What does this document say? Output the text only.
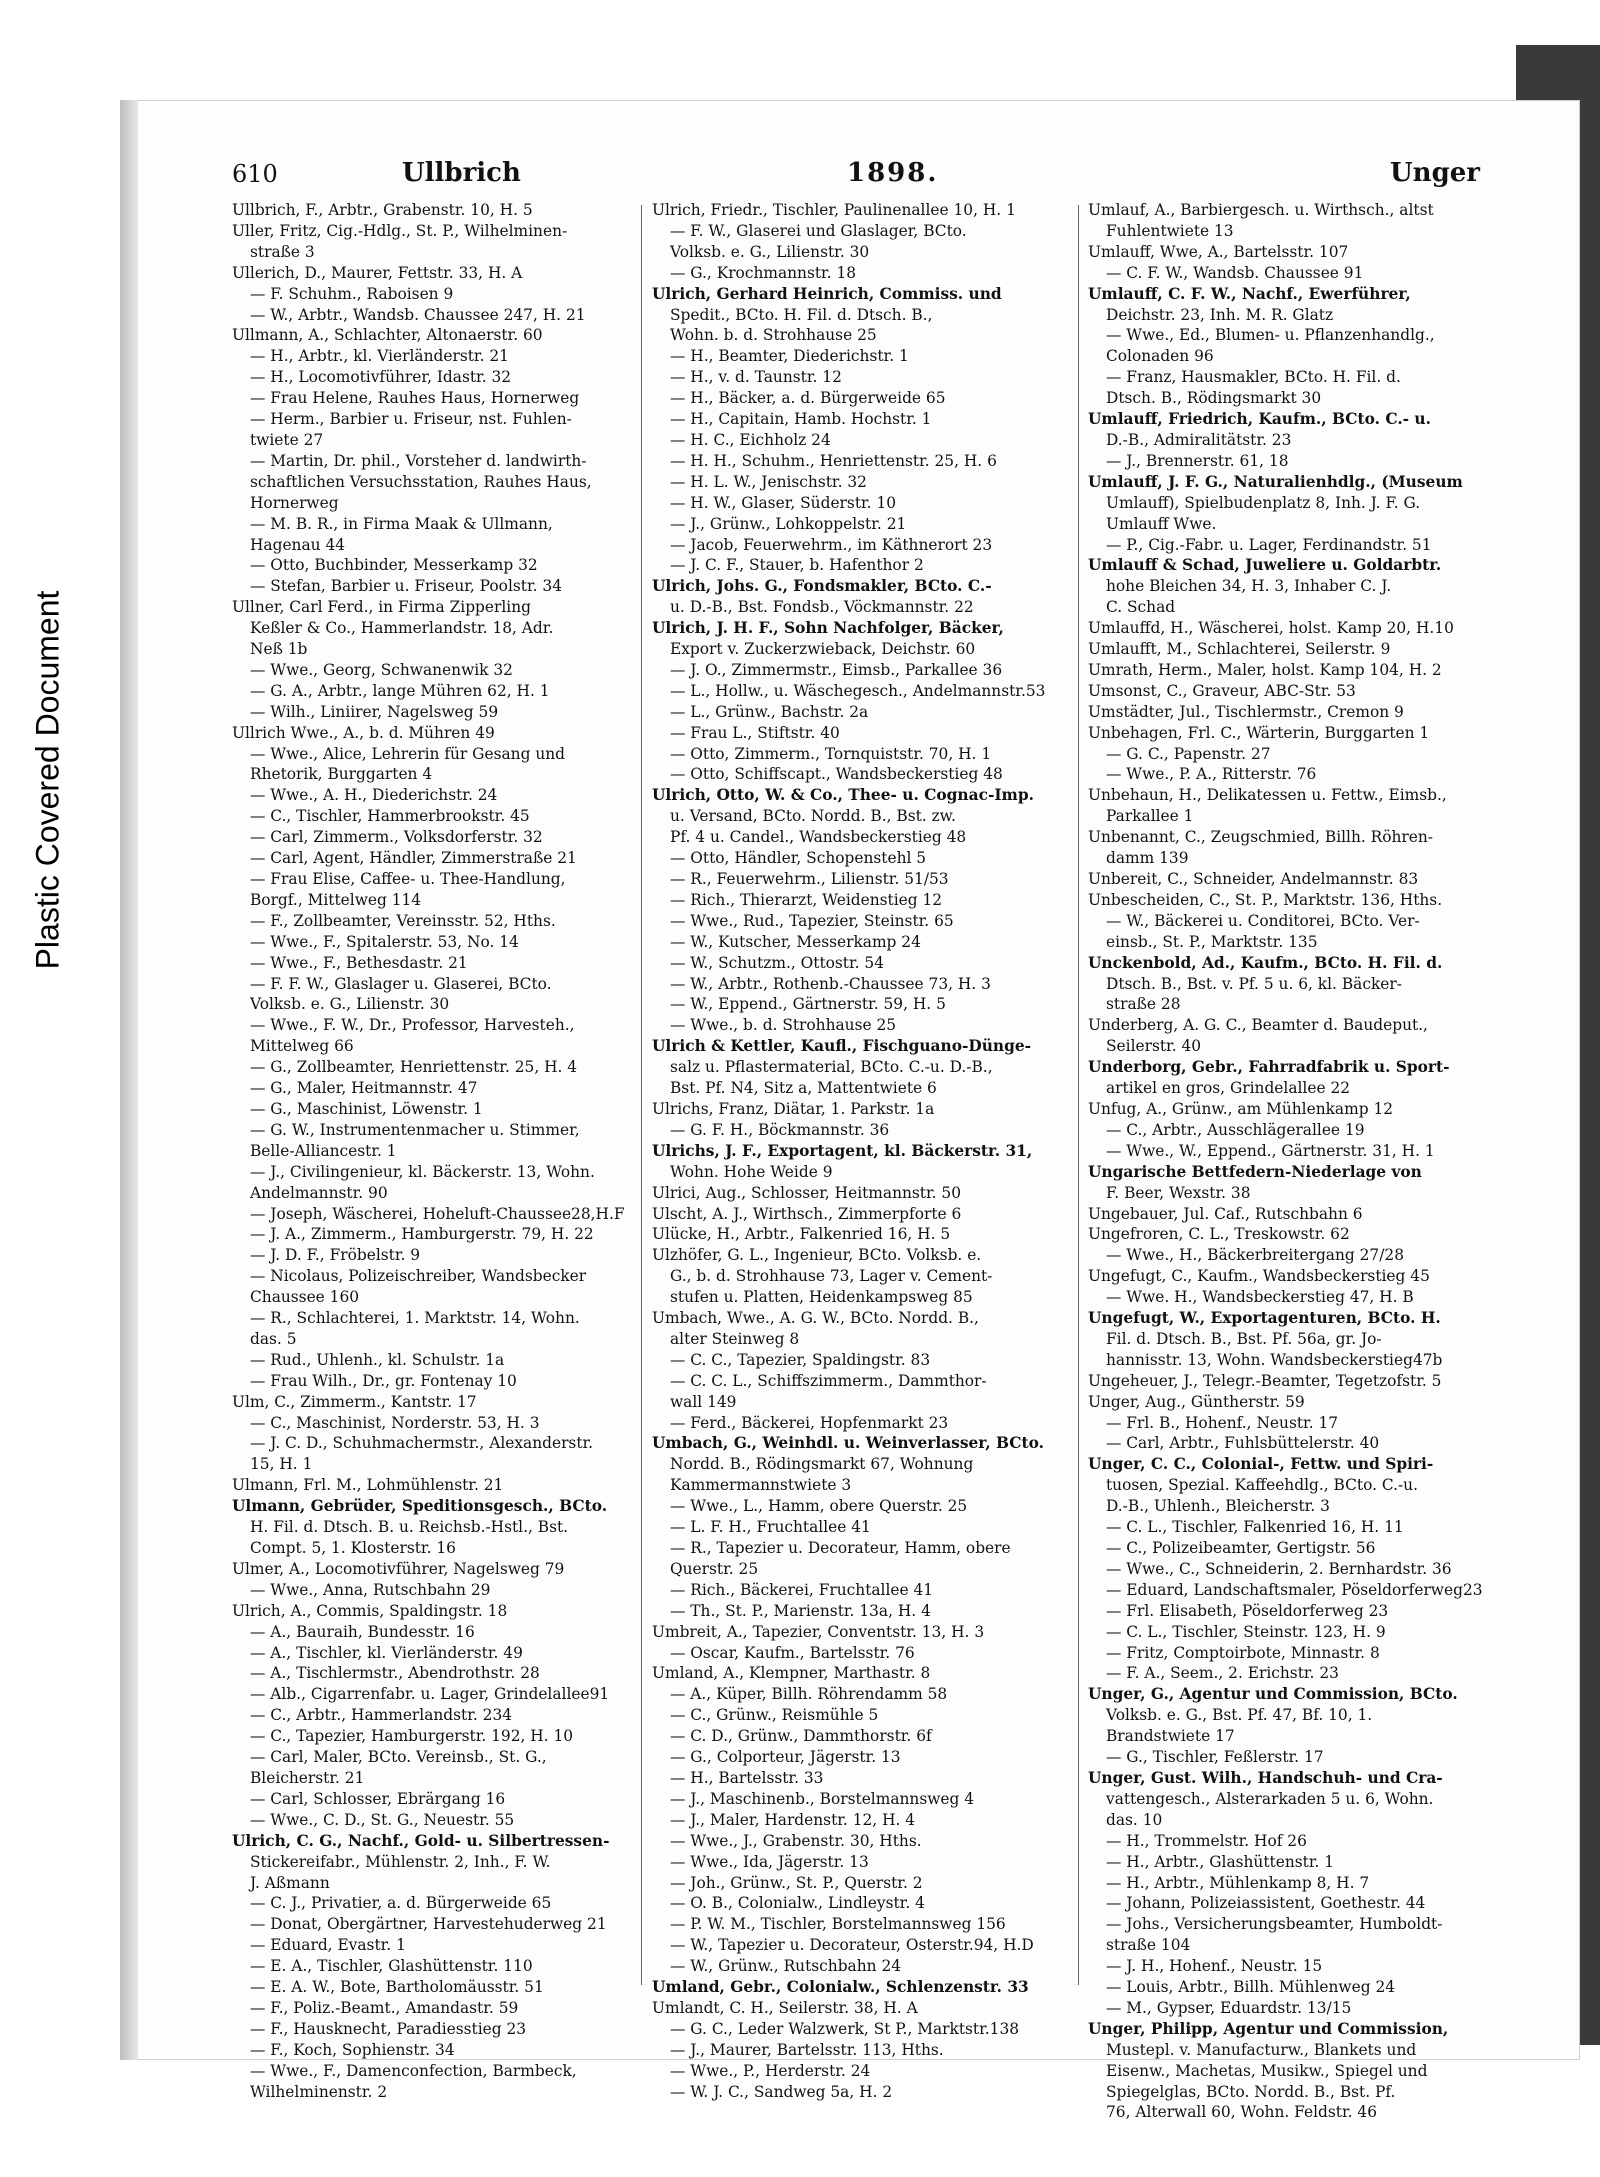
Plastic Covered Document
610	Ullbrich	1898.	Unger
Ullbrich, F., Arbtr., Grabenstr. 10, H. 5
Uller, Fritz, Cig.-Hdlg., St. P., Wilhelminen-
straße 3
Ullerich, D., Maurer, Fettstr. 33, H. A
— F. Schuhm., Raboisen 9
— W., Arbtr., Wandsb. Chaussee 247, H. 21
Ullmann, A., Schlachter, Altonaerstr. 60
— H., Arbtr., kl. Vierländerstr. 21
— H., Locomotivführer, Idastr. 32
— Frau Helene, Rauhes Haus, Hornerweg
— Herm., Barbier u. Friseur, nst. Fuhlen-
twiete 27
— Martin, Dr. phil., Vorsteher d. landwirth-
schaftlichen Versuchsstation, Rauhes Haus,
Hornerweg
— M. B. R., in Firma Maak & Ullmann,
Hagenau 44
— Otto, Buchbinder, Messerkamp 32
— Stefan, Barbier u. Friseur, Poolstr. 34
Ullner, Carl Ferd., in Firma Zipperling
Keßler & Co., Hammerlandstr. 18, Adr.
Neß 1b
— Wwe., Georg, Schwanenwik 32
— G. A., Arbtr., lange Mühren 62, H. 1
— Wilh., Liniirer, Nagelsweg 59
Ullrich Wwe., A., b. d. Mühren 49
— Wwe., Alice, Lehrerin für Gesang und
Rhetorik, Burggarten 4
— Wwe., A. H., Diederichstr. 24
— C., Tischler, Hammerbrookstr. 45
— Carl, Zimmerm., Volksdorferstr. 32
— Carl, Agent, Händler, Zimmerstraße 21
— Frau Elise, Caffee- u. Thee-Handlung,
Borgf., Mittelweg 114
— F., Zollbeamter, Vereinsstr. 52, Hths.
— Wwe., F., Spitalerstr. 53, No. 14
— Wwe., F., Bethesdastr. 21
— F. F. W., Glaslager u. Glaserei, BCto.
Volksb. e. G., Lilienstr. 30
— Wwe., F. W., Dr., Professor, Harvesteh.,
Mittelweg 66
— G., Zollbeamter, Henriettenstr. 25, H. 4
— G., Maler, Heitmannstr. 47
— G., Maschinist, Löwenstr. 1
— G. W., Instrumentenmacher u. Stimmer,
Belle-Alliancestr. 1
— J., Civilingenieur, kl. Bäckerstr. 13, Wohn.
Andelmannstr. 90
— Joseph, Wäscherei, Hoheluft-Chaussee28,H.F
— J. A., Zimmerm., Hamburgerstr. 79, H. 22
— J. D. F., Fröbelstr. 9
— Nicolaus, Polizeischreiber, Wandsbecker
Chaussee 160
— R., Schlachterei, 1. Marktstr. 14, Wohn.
das. 5
— Rud., Uhlenh., kl. Schulstr. 1a
— Frau Wilh., Dr., gr. Fontenay 10
Ulm, C., Zimmerm., Kantstr. 17
— C., Maschinist, Norderstr. 53, H. 3
— J. C. D., Schuhmachermstr., Alexanderstr.
15, H. 1
Ulmann, Frl. M., Lohmühlenstr. 21
Ulmann, Gebrüder, Speditionsgesch., BCto.
H. Fil. d. Dtsch. B. u. Reichsb.-Hstl., Bst.
Compt. 5, 1. Klosterstr. 16
Ulmer, A., Locomotivführer, Nagelsweg 79
— Wwe., Anna, Rutschbahn 29
Ulrich, A., Commis, Spaldingstr. 18
— A., Bauraih, Bundesstr. 16
— A., Tischler, kl. Vierländerstr. 49
— A., Tischlermstr., Abendrothstr. 28
— Alb., Cigarrenfabr. u. Lager, Grindelallee91
— C., Arbtr., Hammerlandstr. 234
— C., Tapezier, Hamburgerstr. 192, H. 10
— Carl, Maler, BCto. Vereinsb., St. G.,
Bleicherstr. 21
— Carl, Schlosser, Ebrärgang 16
— Wwe., C. D., St. G., Neuestr. 55
Ulrich, C. G., Nachf., Gold- u. Silbertressen-
Stickereifabr., Mühlenstr. 2, Inh., F. W.
J. Aßmann
— C. J., Privatier, a. d. Bürgerweide 65
— Donat, Obergärtner, Harvestehuderweg 21
— Eduard, Evastr. 1
— E. A., Tischler, Glashüttenstr. 110
— E. A. W., Bote, Bartholomäusstr. 51
— F., Poliz.-Beamt., Amandastr. 59
— F., Hausknecht, Paradiesstieg 23
— F., Koch, Sophienstr. 34
— Wwe., F., Damenconfection, Barmbeck,
Wilhelminenstr. 2
Ulrich, Friedr., Tischler, Paulinenallee 10, H. 1
— F. W., Glaserei und Glaslager, BCto.
Volksb. e. G., Lilienstr. 30
— G., Krochmannstr. 18
Ulrich, Gerhard Heinrich, Commiss. und
Spedit., BCto. H. Fil. d. Dtsch. B.,
Wohn. b. d. Strohhause 25
— H., Beamter, Diederichstr. 1
— H., v. d. Taunstr. 12
— H., Bäcker, a. d. Bürgerweide 65
— H., Capitain, Hamb. Hochstr. 1
— H. C., Eichholz 24
— H. H., Schuhm., Henriettenstr. 25, H. 6
— H. L. W., Jenischstr. 32
— H. W., Glaser, Süderstr. 10
— J., Grünw., Lohkoppelstr. 21
— Jacob, Feuerwehrm., im Käthnerort 23
— J. C. F., Stauer, b. Hafenthor 2
Ulrich, Johs. G., Fondsmakler, BCto. C.-
u. D.-B., Bst. Fondsb., Vöckmannstr. 22
Ulrich, J. H. F., Sohn Nachfolger, Bäcker,
Export v. Zuckerzwieback, Deichstr. 60
— J. O., Zimmermstr., Eimsb., Parkallee 36
— L., Hollw., u. Wäschegesch., Andelmannstr.53
— L., Grünw., Bachstr. 2a
— Frau L., Stiftstr. 40
— Otto, Zimmerm., Tornquiststr. 70, H. 1
— Otto, Schiffscapt., Wandsbeckerstieg 48
Ulrich, Otto, W. & Co., Thee- u. Cognac-Imp.
u. Versand, BCto. Nordd. B., Bst. zw.
Pf. 4 u. Candel., Wandsbeckerstieg 48
— Otto, Händler, Schopenstehl 5
— R., Feuerwehrm., Lilienstr. 51/53
— Rich., Thierarzt, Weidenstieg 12
— Wwe., Rud., Tapezier, Steinstr. 65
— W., Kutscher, Messerkamp 24
— W., Schutzm., Ottostr. 54
— W., Arbtr., Rothenb.-Chaussee 73, H. 3
— W., Eppend., Gärtnerstr. 59, H. 5
— Wwe., b. d. Strohhause 25
Ulrich & Kettler, Kaufl., Fischguano-Dünge-
salz u. Pflastermaterial, BCto. C.-u. D.-B.,
Bst. Pf. N4, Sitz a, Mattentwiete 6
Ulrichs, Franz, Diätar, 1. Parkstr. 1a
— G. F. H., Böckmannstr. 36
Ulrichs, J. F., Exportagent, kl. Bäckerstr. 31,
Wohn. Hohe Weide 9
Ulrici, Aug., Schlosser, Heitmannstr. 50
Ulscht, A. J., Wirthsch., Zimmerpforte 6
Ulücke, H., Arbtr., Falkenried 16, H. 5
Ulzhöfer, G. L., Ingenieur, BCto. Volksb. e.
G., b. d. Strohhause 73, Lager v. Cement-
stufen u. Platten, Heidenkampsweg 85
Umbach, Wwe., A. G. W., BCto. Nordd. B.,
alter Steinweg 8
— C. C., Tapezier, Spaldingstr. 83
— C. C. L., Schiffszimmerm., Dammthor-
wall 149
— Ferd., Bäckerei, Hopfenmarkt 23
Umbach, G., Weinhdl. u. Weinverlasser, BCto.
Nordd. B., Rödingsmarkt 67, Wohnung
Kammermannstwiete 3
— Wwe., L., Hamm, obere Querstr. 25
— L. F. H., Fruchtallee 41
— R., Tapezier u. Decorateur, Hamm, obere
Querstr. 25
— Rich., Bäckerei, Fruchtallee 41
— Th., St. P., Marienstr. 13a, H. 4
Umbreit, A., Tapezier, Conventstr. 13, H. 3
— Oscar, Kaufm., Bartelsstr. 76
Umland, A., Klempner, Marthastr. 8
— A., Küper, Billh. Röhrendamm 58
— C., Grünw., Reismühle 5
— C. D., Grünw., Dammthorstr. 6f
— G., Colporteur, Jägerstr. 13
— H., Bartelsstr. 33
— J., Maschinenb., Borstelmannsweg 4
— J., Maler, Hardenstr. 12, H. 4
— Wwe., J., Grabenstr. 30, Hths.
— Wwe., Ida, Jägerstr. 13
— Joh., Grünw., St. P., Querstr. 2
— O. B., Colonialw., Lindleystr. 4
— P. W. M., Tischler, Borstelmannsweg 156
— W., Tapezier u. Decorateur, Osterstr.94, H.D
— W., Grünw., Rutschbahn 24
Umland, Gebr., Colonialw., Schlenzenstr. 33
Umlandt, C. H., Seilerstr. 38, H. A
— G. C., Leder Walzwerk, St P., Marktstr.138
— J., Maurer, Bartelsstr. 113, Hths.
— Wwe., P., Herderstr. 24
— W. J. C., Sandweg 5a, H. 2
Umlauf, A., Barbiergesch. u. Wirthsch., altst
Fuhlentwiete 13
Umlauff, Wwe, A., Bartelsstr. 107
— C. F. W., Wandsb. Chaussee 91
Umlauff, C. F. W., Nachf., Ewerführer,
Deichstr. 23, Inh. M. R. Glatz
— Wwe., Ed., Blumen- u. Pflanzenhandlg.,
Colonaden 96
— Franz, Hausmakler, BCto. H. Fil. d.
Dtsch. B., Rödingsmarkt 30
Umlauff, Friedrich, Kaufm., BCto. C.- u.
D.-B., Admiralitätstr. 23
— J., Brennerstr. 61, 18
Umlauff, J. F. G., Naturalienhdlg., (Museum
Umlauff), Spielbudenplatz 8, Inh. J. F. G.
Umlauff Wwe.
— P., Cig.-Fabr. u. Lager, Ferdinandstr. 51
Umlauff & Schad, Juweliere u. Goldarbtr.
hohe Bleichen 34, H. 3, Inhaber C. J.
C. Schad
Umlauffd, H., Wäscherei, holst. Kamp 20, H.10
Umlaufft, M., Schlachterei, Seilerstr. 9
Umrath, Herm., Maler, holst. Kamp 104, H. 2
Umsonst, C., Graveur, ABC-Str. 53
Umstädter, Jul., Tischlermstr., Cremon 9
Unbehagen, Frl. C., Wärterin, Burggarten 1
— G. C., Papenstr. 27
— Wwe., P. A., Ritterstr. 76
Unbehaun, H., Delikatessen u. Fettw., Eimsb.,
Parkallee 1
Unbenannt, C., Zeugschmied, Billh. Röhren-
damm 139
Unbereit, C., Schneider, Andelmannstr. 83
Unbescheiden, C., St. P., Marktstr. 136, Hths.
— W., Bäckerei u. Conditorei, BCto. Ver-
einsb., St. P., Marktstr. 135
Unckenbold, Ad., Kaufm., BCto. H. Fil. d.
Dtsch. B., Bst. v. Pf. 5 u. 6, kl. Bäcker-
straße 28
Underberg, A. G. C., Beamter d. Baudeput.,
Seilerstr. 40
Underborg, Gebr., Fahrradfabrik u. Sport-
artikel en gros, Grindelallee 22
Unfug, A., Grünw., am Mühlenkamp 12
— C., Arbtr., Ausschlägerallee 19
— Wwe., W., Eppend., Gärtnerstr. 31, H. 1
Ungarische Bettfedern-Niederlage von
F. Beer, Wexstr. 38
Ungebauer, Jul. Caf., Rutschbahn 6
Ungefroren, C. L., Treskowstr. 62
— Wwe., H., Bäckerbreitergang 27/28
Ungefugt, C., Kaufm., Wandsbeckerstieg 45
— Wwe. H., Wandsbeckerstieg 47, H. B
Ungefugt, W., Exportagenturen, BCto. H.
Fil. d. Dtsch. B., Bst. Pf. 56a, gr. Jo-
hannisstr. 13, Wohn. Wandsbeckerstieg47b
Ungeheuer, J., Telegr.-Beamter, Tegetzofstr. 5
Unger, Aug., Güntherstr. 59
— Frl. B., Hohenf., Neustr. 17
— Carl, Arbtr., Fuhlsbüttelerstr. 40
Unger, C. C., Colonial-, Fettw. und Spiri-
tuosen, Spezial. Kaffeehdlg., BCto. C.-u.
D.-B., Uhlenh., Bleicherstr. 3
— C. L., Tischler, Falkenried 16, H. 11
— C., Polizeibeamter, Gertigstr. 56
— Wwe., C., Schneiderin, 2. Bernhardstr. 36
— Eduard, Landschaftsmaler, Pöseldorferweg23
— Frl. Elisabeth, Pöseldorferweg 23
— C. L., Tischler, Steinstr. 123, H. 9
— Fritz, Comptoirbote, Minnastr. 8
— F. A., Seem., 2. Erichstr. 23
Unger, G., Agentur und Commission, BCto.
Volksb. e. G., Bst. Pf. 47, Bf. 10, 1.
Brandstwiete 17
— G., Tischler, Feßlerstr. 17
Unger, Gust. Wilh., Handschuh- und Cra-
vattengesch., Alsterarkaden 5 u. 6, Wohn.
das. 10
— H., Trommelstr. Hof 26
— H., Arbtr., Glashüttenstr. 1
— H., Arbtr., Mühlenkamp 8, H. 7
— Johann, Polizeiassistent, Goethestr. 44
— Johs., Versicherungsbeamter, Humboldt-
straße 104
— J. H., Hohenf., Neustr. 15
— Louis, Arbtr., Billh. Mühlenweg 24
— M., Gypser, Eduardstr. 13/15
Unger, Philipp, Agentur und Commission,
Mustерl. v. Manufacturw., Blankets und
Eisenw., Machetas, Musikw., Spiegel und
Spiegelglas, BCto. Nordd. B., Bst. Pf.
76, Alterwall 60, Wohn. Feldstr. 46
